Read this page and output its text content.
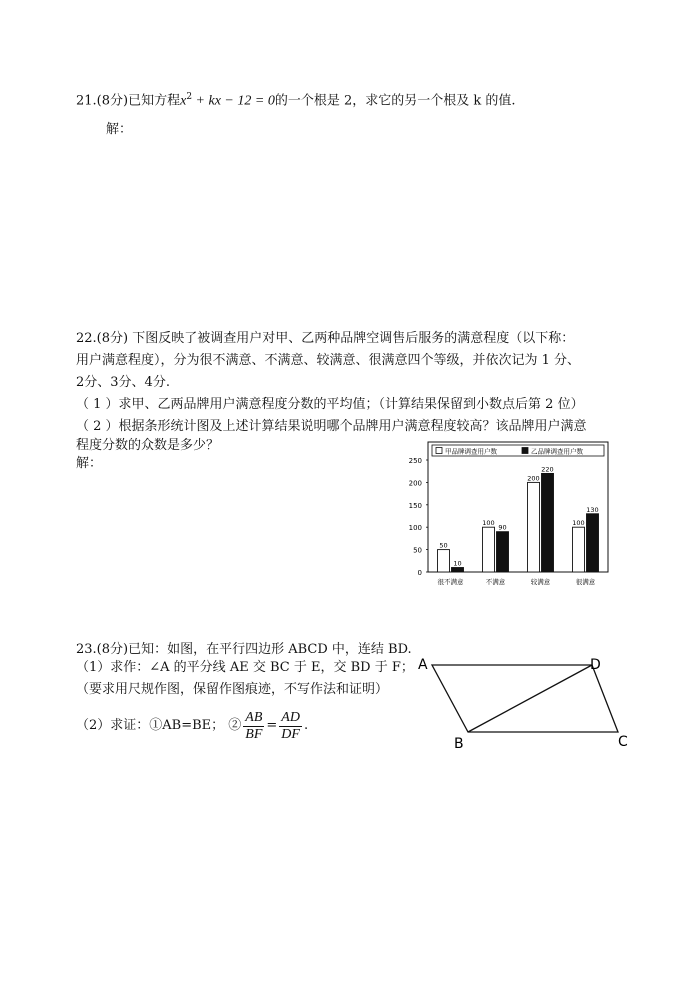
21.(8分)已知方程$x^2$ + kx − 12 = 0的一个根是 2，求它的另一个根及 k 的值.
解：
22.(8分) 下图反映了被调查用户对甲、乙两种品牌空调售后服务的满意程度（以下称：
用户满意程度），分为很不满意、不满意、较满意、很满意四个等级，并依次记为 1 分、
2分、3分、4分.
（ 1 ）求甲、乙两品牌用户满意程度分数的平均值；（计算结果保留到小数点后第 2 位）
（ 2 ）根据条形统计图及上述计算结果说明哪个品牌用户满意程度较高？该品牌用户满意
程度分数的众数是多少？
解：
0
50
100
150
200
250
50
100
200
100
10
90
220
130
很不满意	不满意	较满意	很满意
甲品牌调查用户数	乙品牌调查用户数
23.(8分)已知：如图，在平行四边形 ABCD 中，连结 BD.
（1）求作：∠A 的平分线 AE 交 BC 于 E，交 BD 于 F；
（要求用尺规作图，保留作图痕迹，不写作法和证明）
（2）求证：①AB=BE； ② $\frac{AB}{BF} = \frac{AD}{DF}$ .
A	D
B	C
